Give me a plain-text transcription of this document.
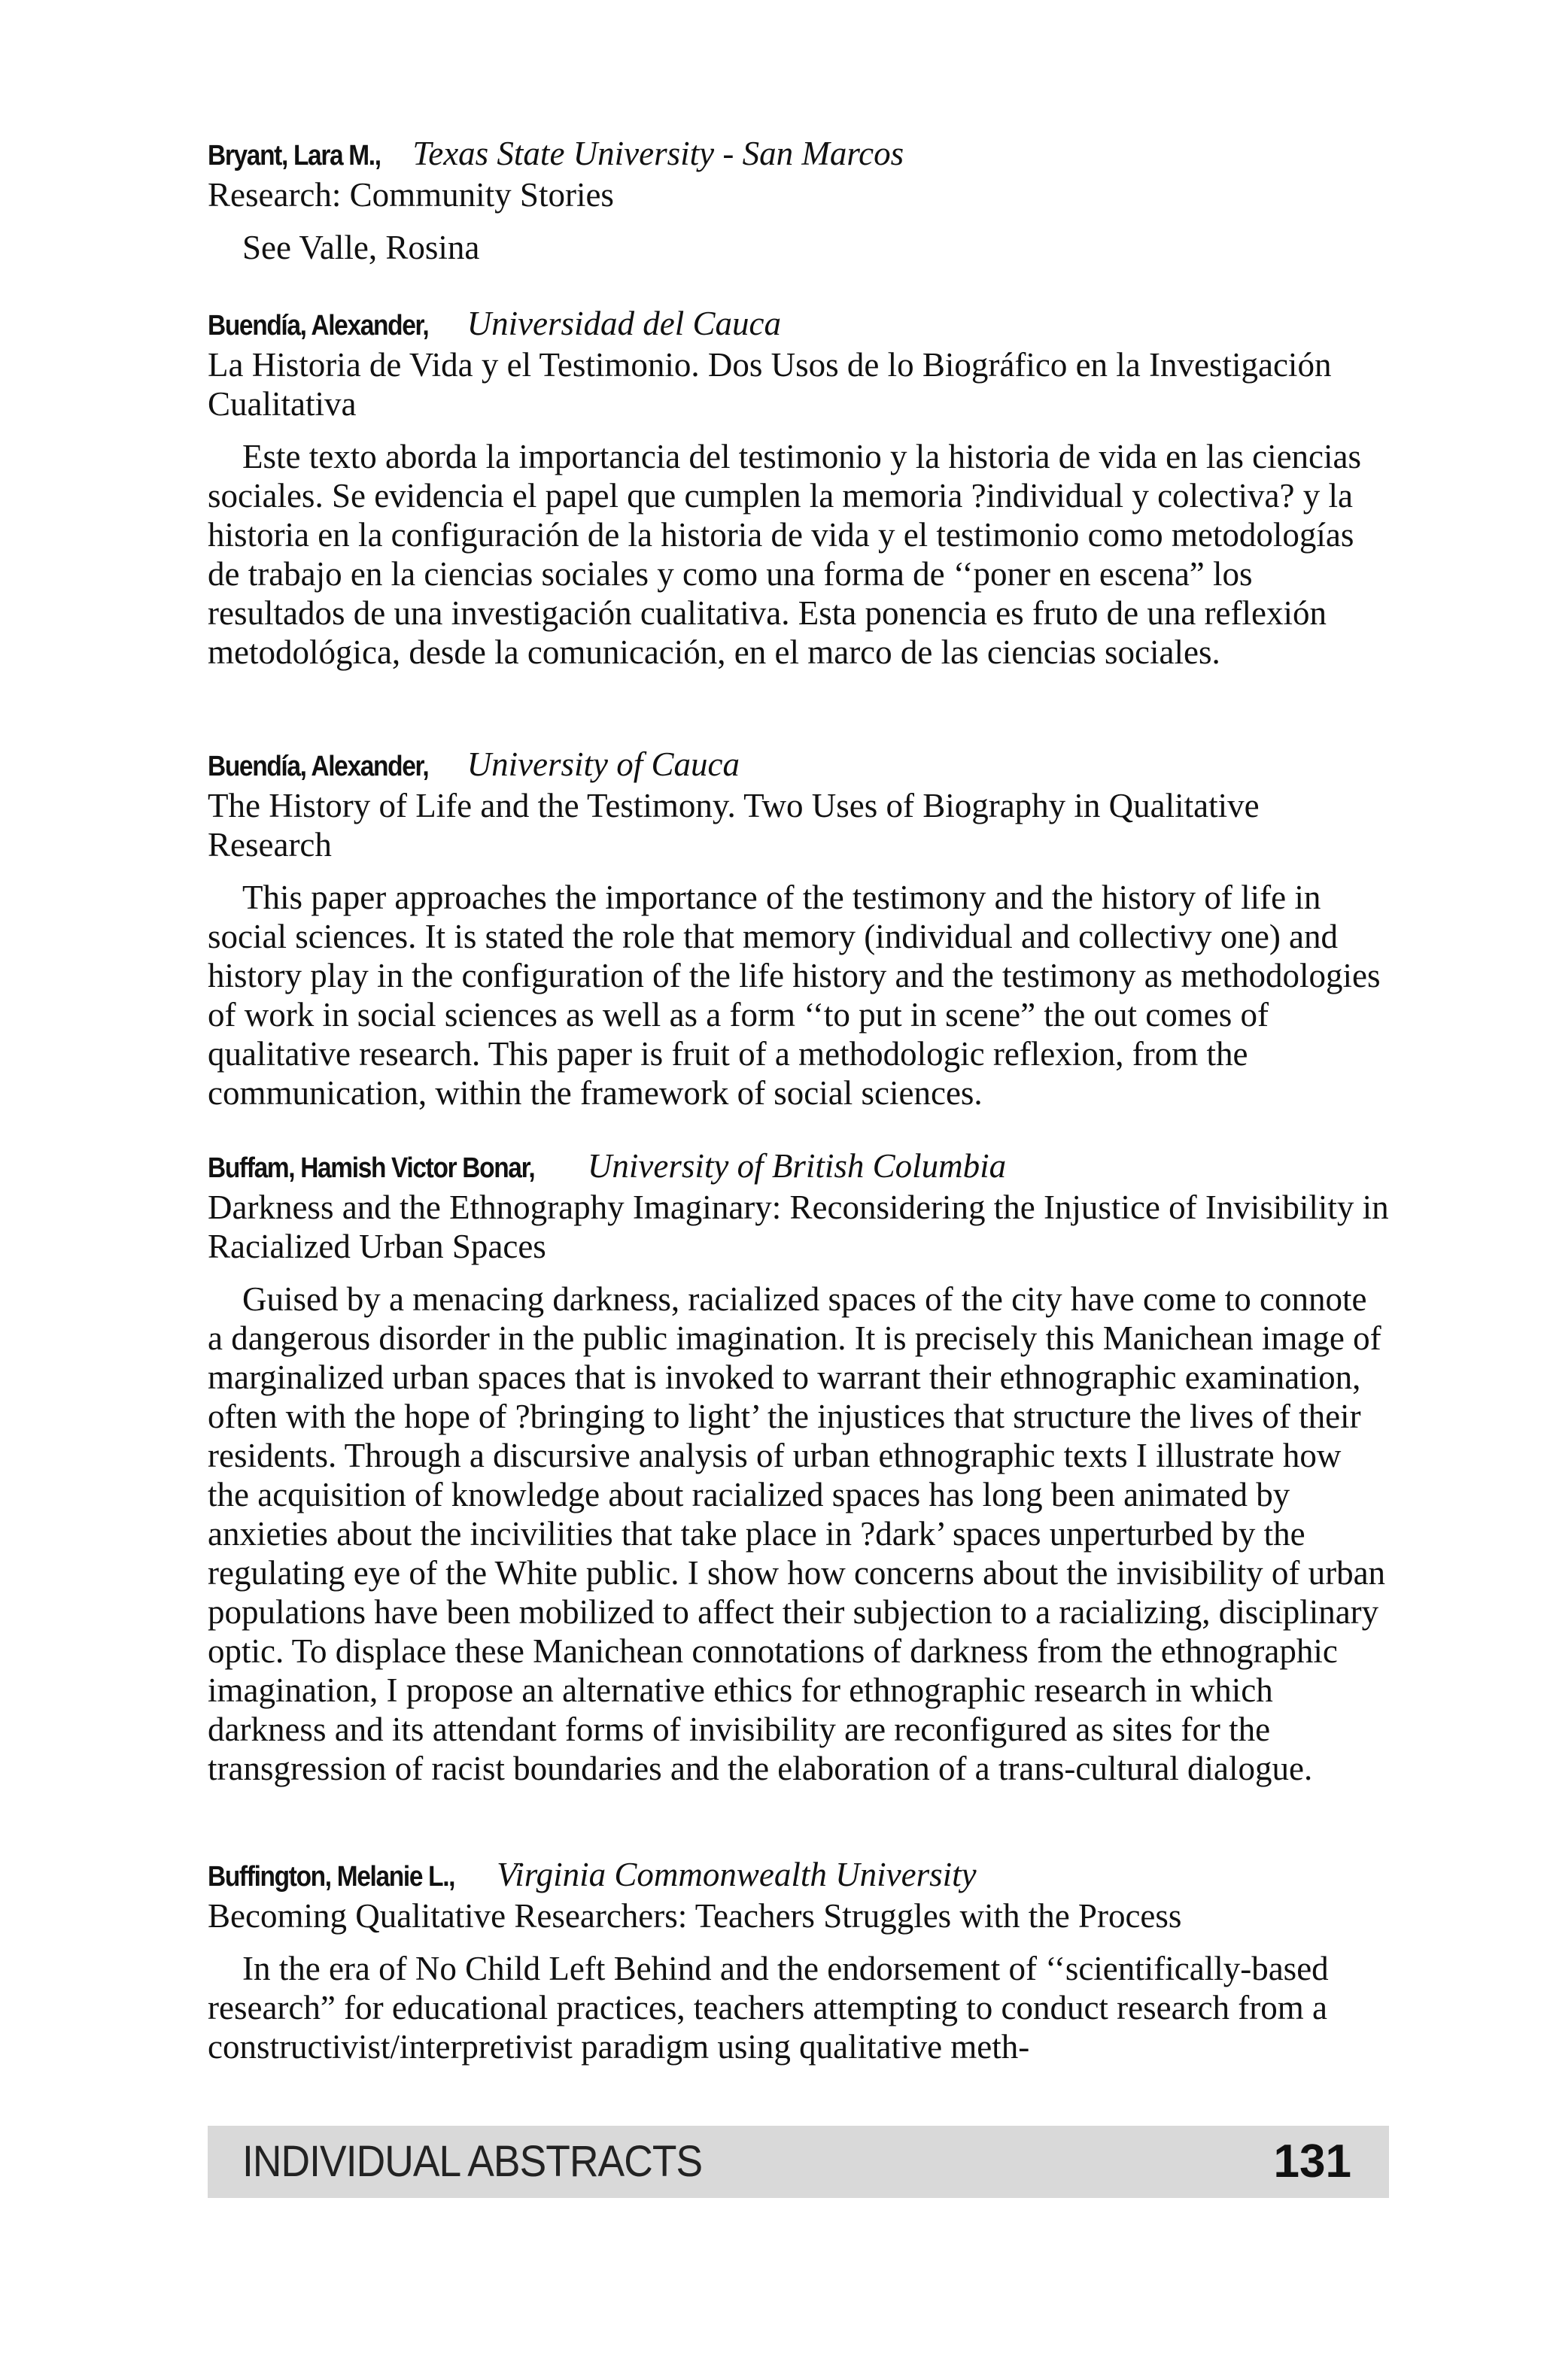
Bryant, Lara M., Texas State University - San Marcos
Research: Community Stories
See Valle, Rosina
Buendía, Alexander, Universidad del Cauca
La Historia de Vida y el Testimonio. Dos Usos de lo Biográfico en la Investigación Cualitativa
Este texto aborda la importancia del testimonio y la historia de vida en las ciencias sociales. Se evidencia el papel que cumplen la memoria ?individual y colectiva? y la historia en la configuración de la historia de vida y el testimonio como metodologías de trabajo en la ciencias sociales y como una forma de ‘‘poner en escena” los resultados de una investigación cualitativa. Esta ponencia es fruto de una reflexión metodológica, desde la comunicación, en el marco de las ciencias sociales.
Buendía, Alexander, University of Cauca
The History of Life and the Testimony. Two Uses of Biography in Qualitative Research
This paper approaches the importance of the testimony and the history of life in social sciences. It is stated the role that memory (individual and collectivy one) and history play in the configuration of the life history and the testimony as methodologies of work in social sciences as well as a form ‘‘to put in scene” the out comes of qualitative research. This paper is fruit of a methodologic reflexion, from the communication, within the framework of social sciences.
Buffam, Hamish Victor Bonar, University of British Columbia
Darkness and the Ethnography Imaginary: Reconsidering the Injustice of Invisibility in Racialized Urban Spaces
Guised by a menacing darkness, racialized spaces of the city have come to connote a dangerous disorder in the public imagination. It is precisely this Manichean image of marginalized urban spaces that is invoked to warrant their ethnographic examination, often with the hope of ?bringing to light’ the injustices that structure the lives of their residents. Through a discursive analysis of urban ethnographic texts I illustrate how the acquisition of knowledge about racialized spaces has long been animated by anxieties about the incivilities that take place in ?dark’ spaces unperturbed by the regulating eye of the White public. I show how concerns about the invisibility of urban populations have been mobilized to affect their subjection to a racializing, disciplinary optic. To displace these Manichean connotations of darkness from the ethnographic imagination, I propose an alternative ethics for ethnographic research in which darkness and its attendant forms of invisibility are reconfigured as sites for the transgression of racist boundaries and the elaboration of a trans-cultural dialogue.
Buffington, Melanie L., Virginia Commonwealth University
Becoming Qualitative Researchers: Teachers Struggles with the Process
In the era of No Child Left Behind and the endorsement of ‘‘scientifically-based research” for educational practices, teachers attempting to conduct research from a constructivist/interpretivist paradigm using qualitative meth-
INDIVIDUAL ABSTRACTS	131
